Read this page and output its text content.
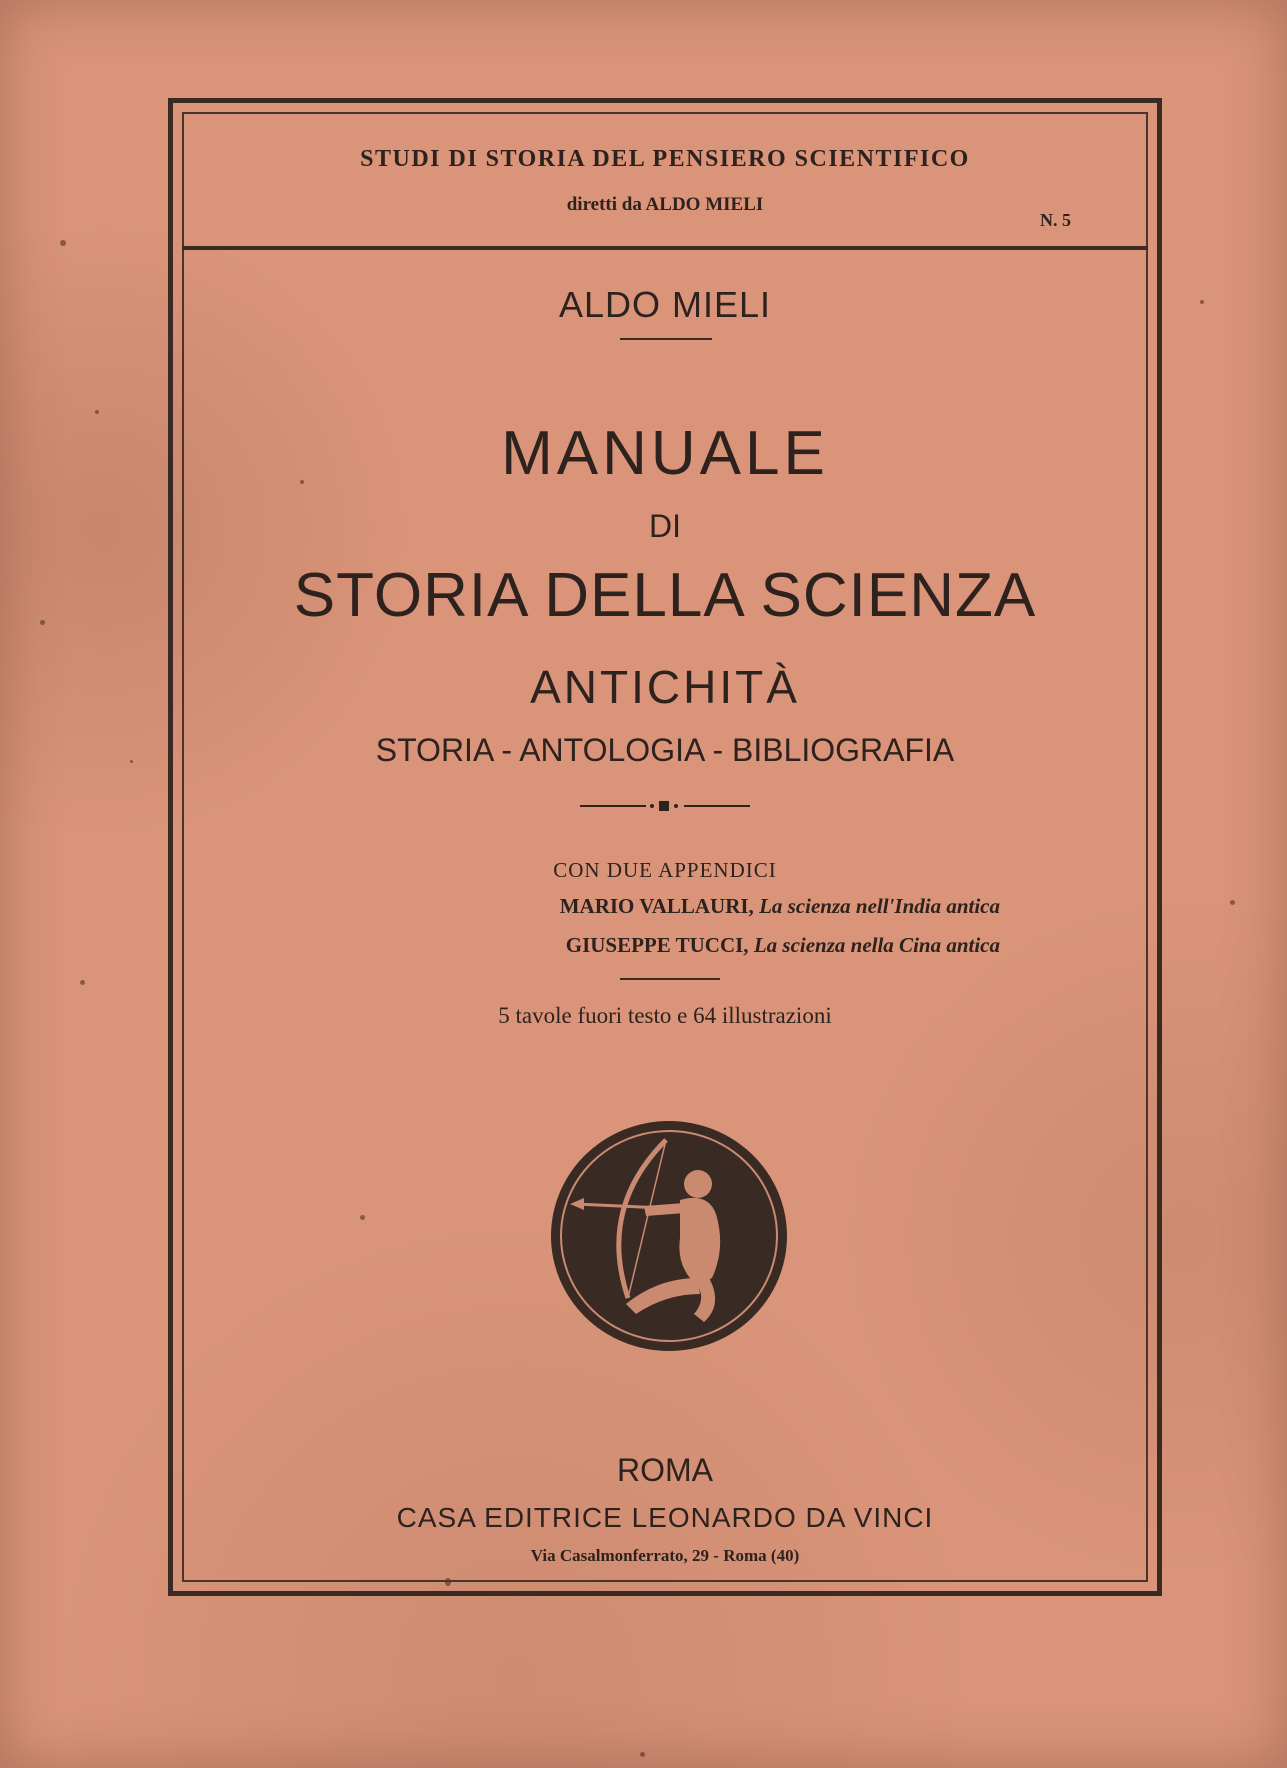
STUDI DI STORIA DEL PENSIERO SCIENTIFICO

diretti da ALDO MIELI

N. 5

ALDO MIELI

MANUALE

DI

STORIA DELLA SCIENZA

ANTICHITÀ

STORIA - ANTOLOGIA - BIBLIOGRAFIA

CON DUE APPENDICI

MARIO VALLAURI, La scienza nell'India antica

GIUSEPPE TUCCI, La scienza nella Cina antica

5 tavole fuori testo e 64 illustrazioni

ROMA

CASA EDITRICE LEONARDO DA VINCI

Via Casalmonferrato, 29 - Roma (40)
